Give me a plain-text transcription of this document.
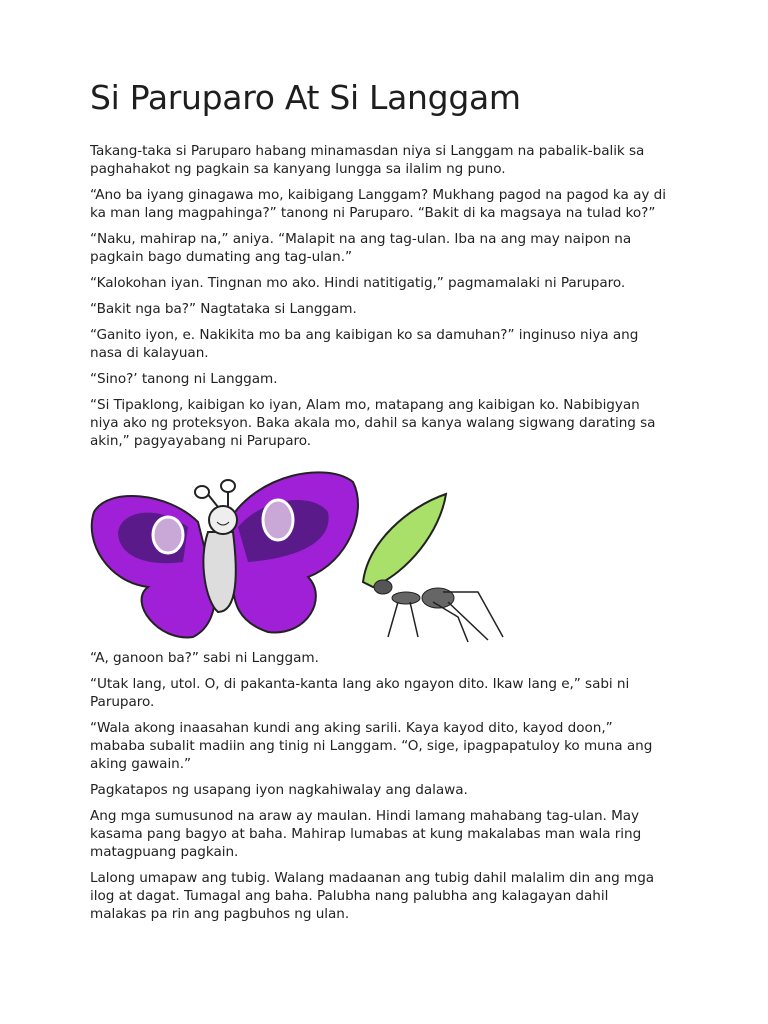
Si Paruparo At Si Langgam
Takang-taka si Paruparo habang minamasdan niya si Langgam na pabalik-balik sa
paghahakot ng pagkain sa kanyang lungga sa ilalim ng puno.
“Ano ba iyang ginagawa mo, kaibigang Langgam? Mukhang pagod na pagod ka ay di
ka man lang magpahinga?” tanong ni Paruparo. “Bakit di ka magsaya na tulad ko?”
“Naku, mahirap na,” aniya. “Malapit na ang tag-ulan. Iba na ang may naipon na
pagkain bago dumating ang tag-ulan.”
“Kalokohan iyan. Tingnan mo ako. Hindi natitigatig,” pagmamalaki ni Paruparo.
“Bakit nga ba?” Nagtataka si Langgam.
“Ganito iyon, e. Nakikita mo ba ang kaibigan ko sa damuhan?” inginuso niya ang
nasa di kalayuan.
“Sino?’ tanong ni Langgam.
“Si Tipaklong, kaibigan ko iyan, Alam mo, matapang ang kaibigan ko. Nabibigyan
niya ako ng proteksyon. Baka akala mo, dahil sa kanya walang sigwang darating sa
akin,” pagyayabang ni Paruparo.
“A, ganoon ba?” sabi ni Langgam.
“Utak lang, utol. O, di pakanta-kanta lang ako ngayon dito. Ikaw lang e,” sabi ni
Paruparo.
“Wala akong inaasahan kundi ang aking sarili. Kaya kayod dito, kayod doon,”
mababa subalit madiin ang tinig ni Langgam. “O, sige, ipagpapatuloy ko muna ang
aking gawain.”
Pagkatapos ng usapang iyon nagkahiwalay ang dalawa.
Ang mga sumusunod na araw ay maulan. Hindi lamang mahabang tag-ulan. May
kasama pang bagyo at baha. Mahirap lumabas at kung makalabas man wala ring
matagpuang pagkain.
Lalong umapaw ang tubig. Walang madaanan ang tubig dahil malalim din ang mga
ilog at dagat. Tumagal ang baha. Palubha nang palubha ang kalagayan dahil
malakas pa rin ang pagbuhos ng ulan.
